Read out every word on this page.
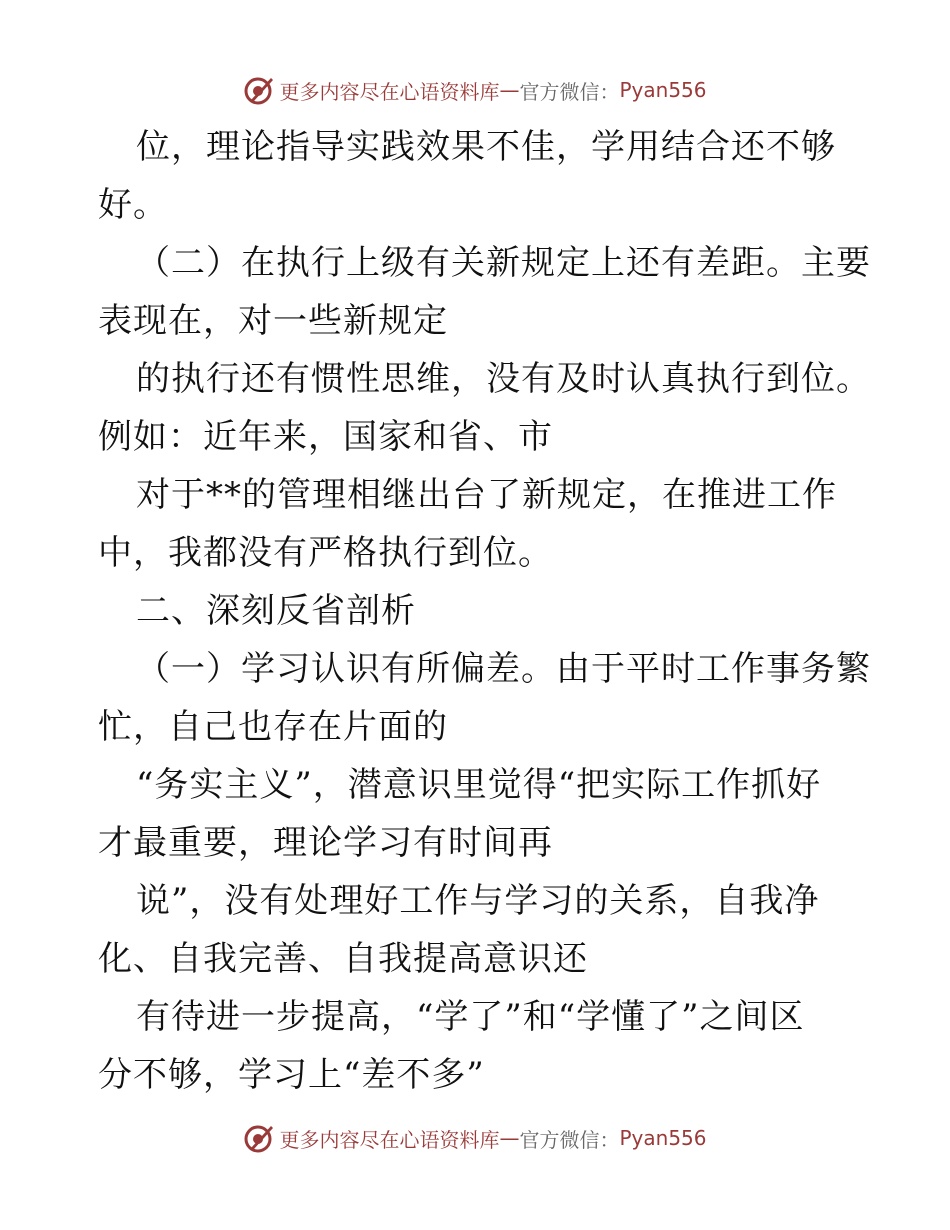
更多内容尽在心语资料库 — 官方微信： Pyan556
位，理论指导实践效果不佳，学用结合还不够
好。
（二）在执行上级有关新规定上还有差距。主要
表现在，对一些新规定
的执行还有惯性思维，没有及时认真执行到位。
例如：近年来，国家和省、市
对于**的管理相继出台了新规定，在推进工作
中，我都没有严格执行到位。
二、深刻反省剖析
（一）学习认识有所偏差。由于平时工作事务繁
忙，自己也存在片面的
“务实主义”，潜意识里觉得“把实际工作抓好
才最重要，理论学习有时间再
说”，没有处理好工作与学习的关系，自我净
化、自我完善、自我提高意识还
有待进一步提高，“学了”和“学懂了”之间区
分不够，学习上“差不多”
更多内容尽在心语资料库 — 官方微信： Pyan556
